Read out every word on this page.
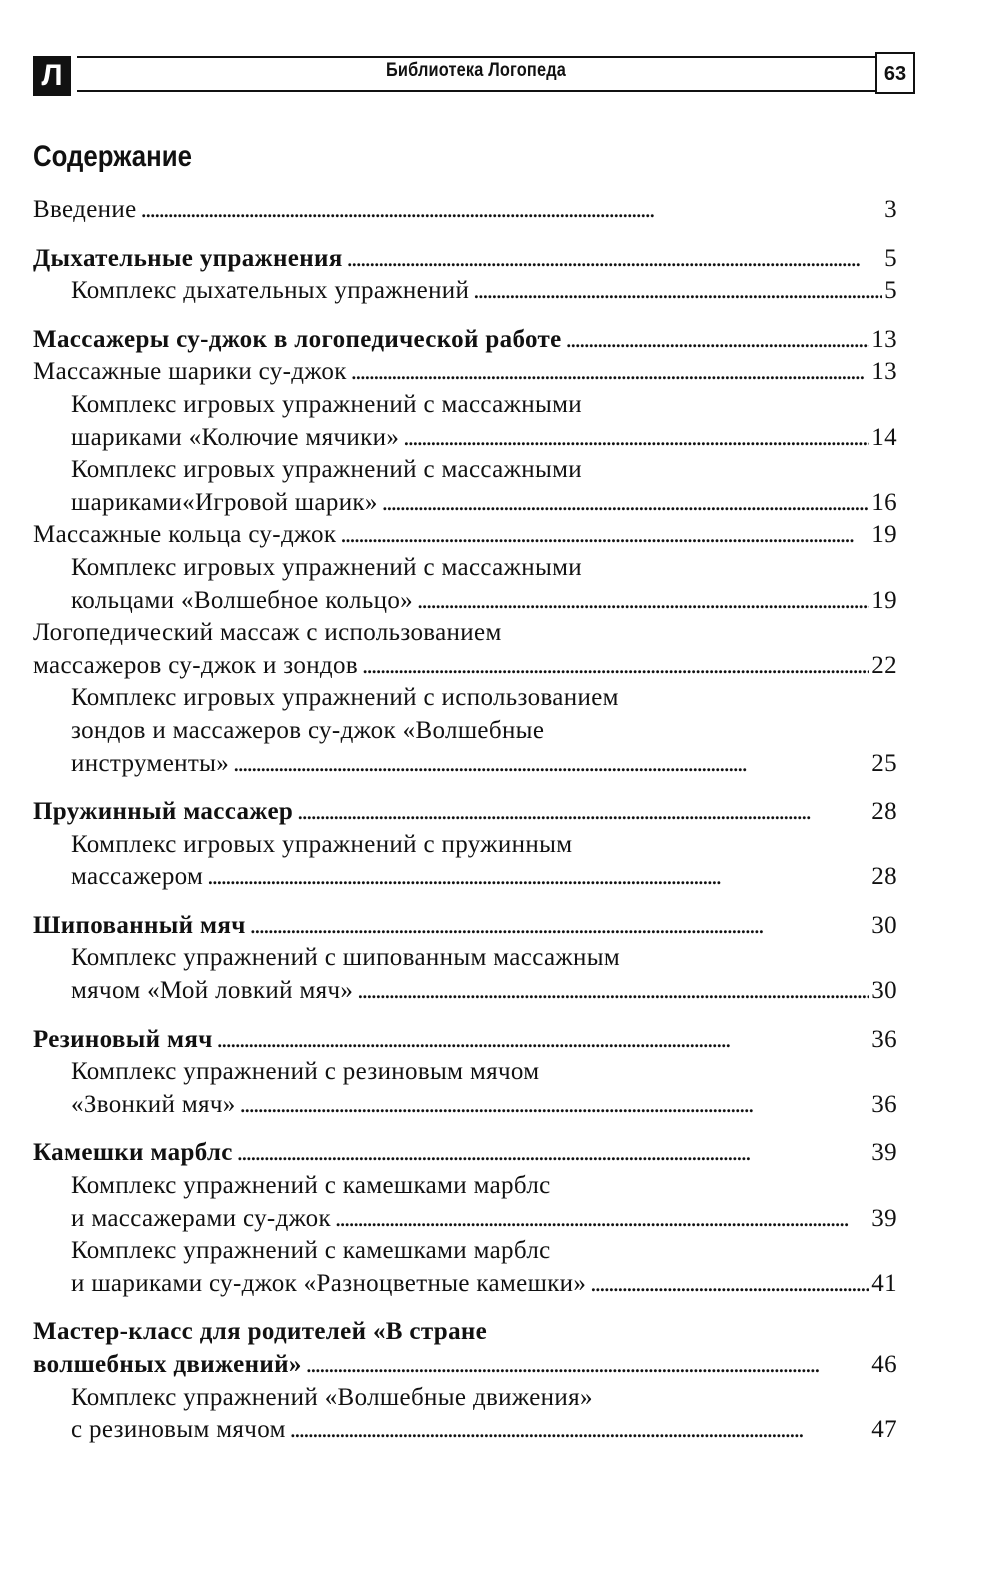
Л	Библиотека Логопеда	63
Содержание
Введение . . .	3
Дыхательные упражнения . . .	5
Комплекс дыхательных упражнений . . .	5
Массажеры су-джок в логопедической работе . . .	13
Массажные шарики су-джок . . .	13
Комплекс игровых упражнений с массажными
шариками «Колючие мячики» . . .	14
Комплекс игровых упражнений с массажными
шариками«Игровой шарик» . . .	16
Массажные кольца су-джок . . .	19
Комплекс игровых упражнений с массажными
кольцами «Волшебное кольцо» . . .	19
Логопедический массаж с использованием
массажеров су-джок и зондов . . .	22
Комплекс игровых упражнений с использованием
зондов и массажеров су-джок «Волшебные
инструменты» . . .	25
Пружинный массажер . . .	28
Комплекс игровых упражнений с пружинным
массажером . . .	28
Шипованный мяч . . .	30
Комплекс упражнений с шипованным массажным
мячом «Мой ловкий мяч» . . .	30
Резиновый мяч . . .	36
Комплекс упражнений с резиновым мячом
«Звонкий мяч» . . .	36
Камешки марблс . . .	39
Комплекс упражнений с камешками марблс
и массажерами су-джок . . .	39
Комплекс упражнений с камешками марблс
и шариками су-джок «Разноцветные камешки» . . .	41
Мастер-класс для родителей «В стране
волшебных движений» . . .	46
Комплекс упражнений «Волшебные движения»
с резиновым мячом . . .	47
